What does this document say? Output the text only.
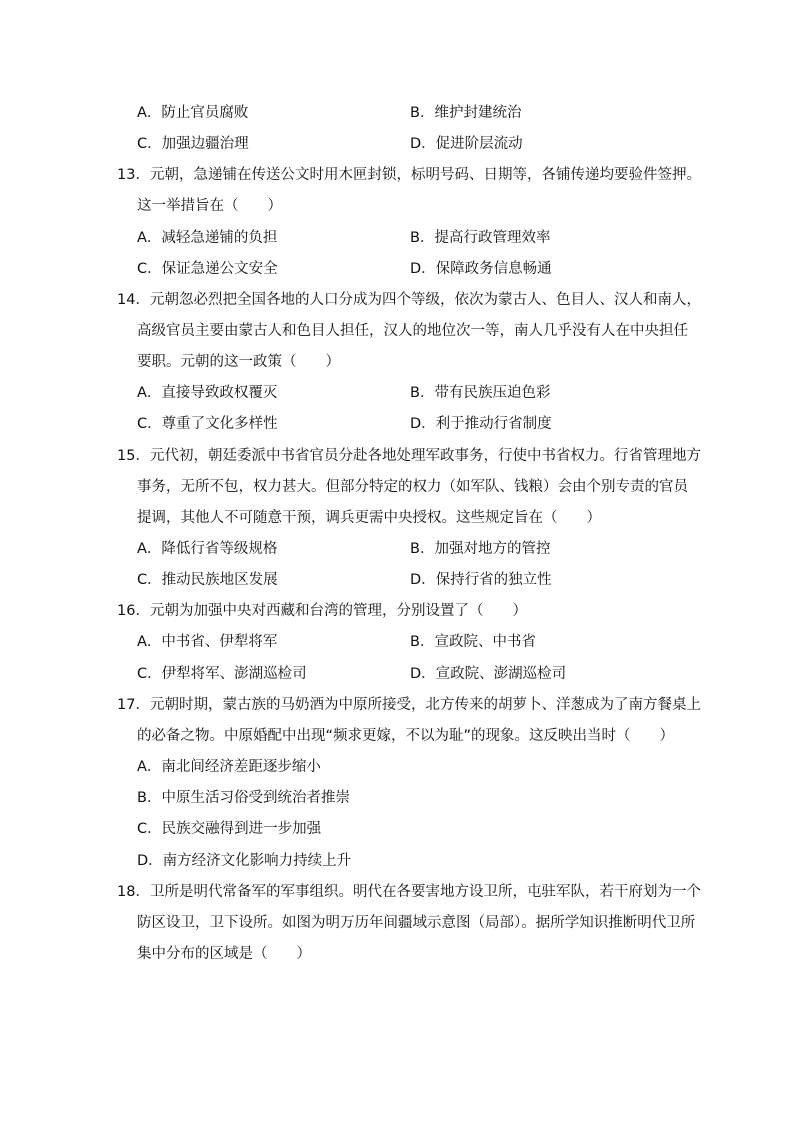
A．防止官员腐败	B．维护封建统治
C．加强边疆治理	D．促进阶层流动
13．元朝，急递铺在传送公文时用木匣封锁，标明号码、日期等，各铺传递均要验件签押。
这一举措旨在（　　）
A．减轻急递铺的负担	B．提高行政管理效率
C．保证急递公文安全	D．保障政务信息畅通
14．元朝忽必烈把全国各地的人口分成为四个等级，依次为蒙古人、色目人、汉人和南人，
高级官员主要由蒙古人和色目人担任，汉人的地位次一等，南人几乎没有人在中央担任
要职。元朝的这一政策（　　）
A．直接导致政权覆灭	B．带有民族压迫色彩
C．尊重了文化多样性	D．利于推动行省制度
15．元代初，朝廷委派中书省官员分赴各地处理军政事务，行使中书省权力。行省管理地方
事务，无所不包，权力甚大。但部分特定的权力（如军队、钱粮）会由个别专责的官员
提调，其他人不可随意干预，调兵更需中央授权。这些规定旨在（　　）
A．降低行省等级规格	B．加强对地方的管控
C．推动民族地区发展	D．保持行省的独立性
16．元朝为加强中央对西藏和台湾的管理，分别设置了（　　）
A．中书省、伊犁将军	B．宣政院、中书省
C．伊犁将军、澎湖巡检司	D．宣政院、澎湖巡检司
17．元朝时期，蒙古族的马奶酒为中原所接受，北方传来的胡萝卜、洋葱成为了南方餐桌上
的必备之物。中原婚配中出现“频求更嫁，不以为耻”的现象。这反映出当时（　　）
A．南北间经济差距逐步缩小
B．中原生活习俗受到统治者推崇
C．民族交融得到进一步加强
D．南方经济文化影响力持续上升
18．卫所是明代常备军的军事组织。明代在各要害地方设卫所，屯驻军队，若干府划为一个
防区设卫，卫下设所。如图为明万历年间疆域示意图（局部）。据所学知识推断明代卫所
集中分布的区域是（　　）
